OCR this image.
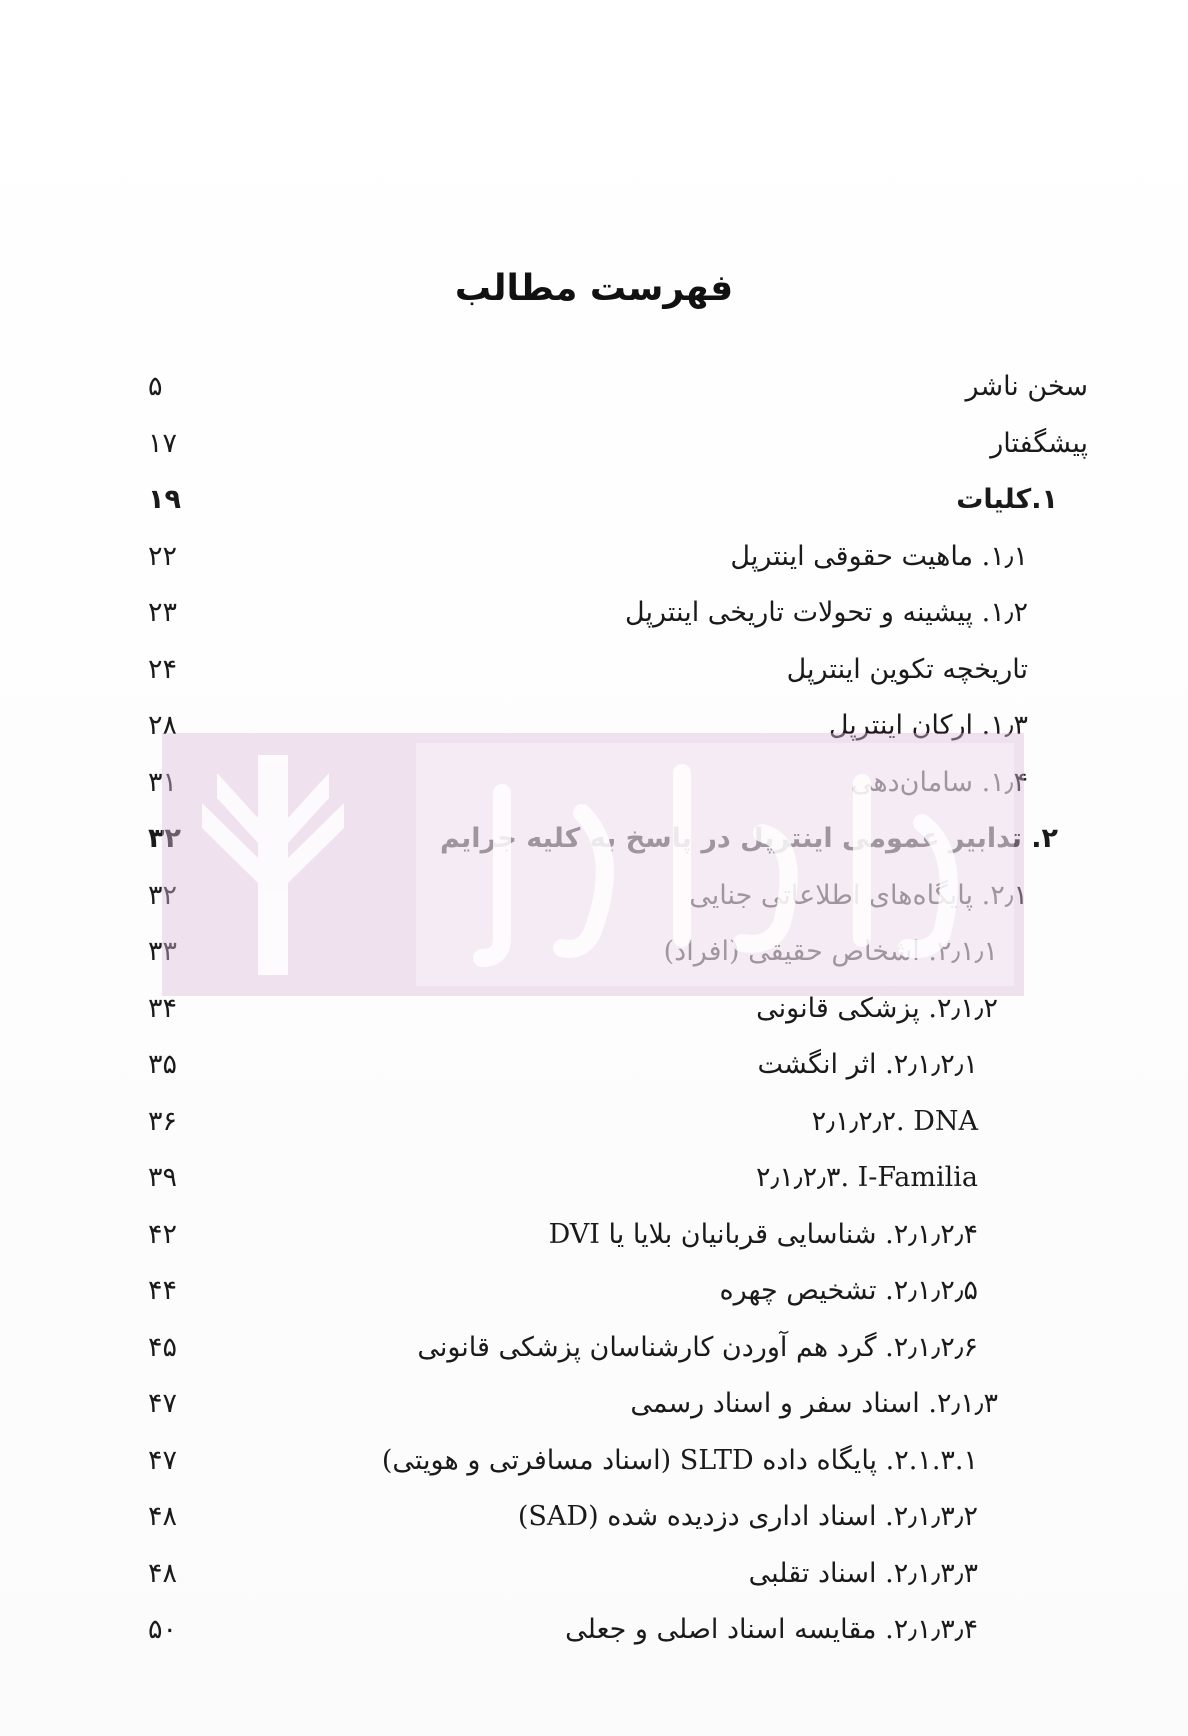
فهرست مطالب
سخن ناشر
۵
پیشگفتار
۱۷
۱.کلیات
۱۹
۱٫۱. ماهیت حقوقی اینترپل
۲۲
۱٫۲. پیشینه و تحولات تاریخی اینترپل
۲۳
تاریخچه تکوین اینترپل
۲۴
۱٫۳. ارکان اینترپل
۲۸
۱٫۴. سامان‌دهی
۳۱
۲. تدابیر عمومی اینترپل در پاسخ به کلیه جرایم
۳۲
۲٫۱. پایگاه‌های اطلاعاتی جنایی
۳۲
۲٫۱٫۱. اشخاص حقیقی (افراد)
۳۳
۲٫۱٫۲. پزشکی قانونی
۳۴
۲٫۱٫۲٫۱. اثر انگشت
۳۵
۲٫۱٫۲٫۲. DNA
۳۶
۲٫۱٫۲٫۳. I-Familia
۳۹
۲٫۱٫۲٫۴. شناسایی قربانیان بلایا یا DVI
۴۲
۲٫۱٫۲٫۵. تشخیص چهره
۴۴
۲٫۱٫۲٫۶. گرد هم آوردن کارشناسان پزشکی قانونی
۴۵
۲٫۱٫۳. اسناد سفر و اسناد رسمی
۴۷
۲.۱.۳.۱. پایگاه داده SLTD (اسناد مسافرتی و هویتی)
۴۷
۲٫۱٫۳٫۲. اسناد اداری دزدیده شده (SAD)
۴۸
۲٫۱٫۳٫۳. اسناد تقلبی
۴۸
۲٫۱٫۳٫۴. مقایسه اسناد اصلی و جعلی
۵۰
